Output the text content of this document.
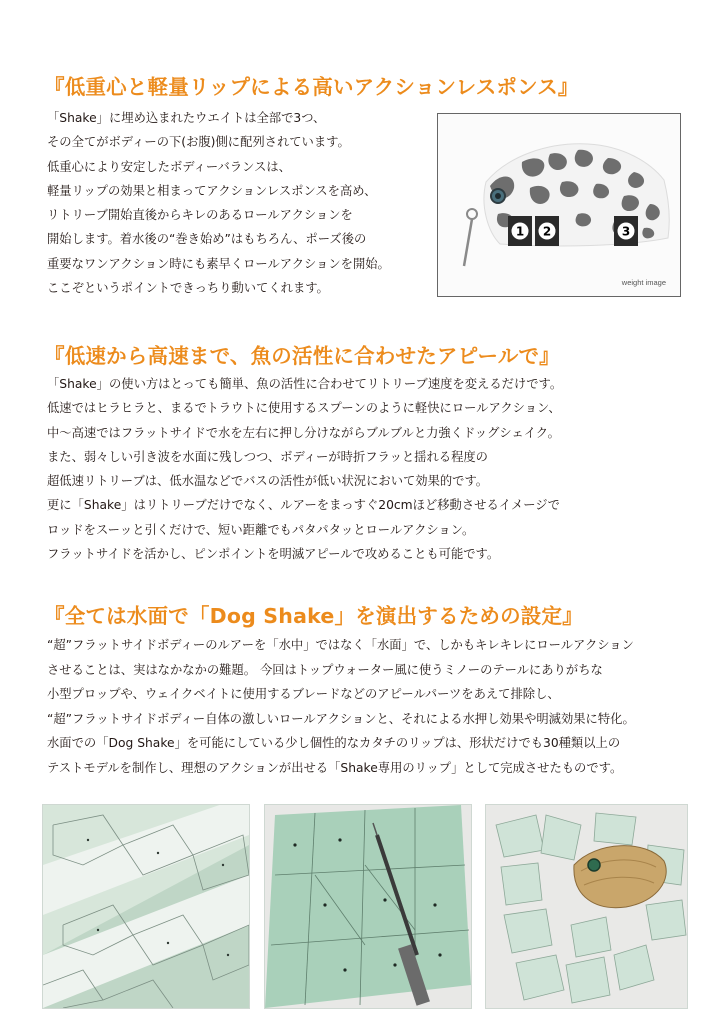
『低重心と軽量リップによる高いアクションレスポンス』
「Shake」に埋め込まれたウエイトは全部で3つ、
その全てがボディーの下(お腹)側に配列されています。
低重心により安定したボディーバランスは、
軽量リップの効果と相まってアクションレスポンスを高め、
リトリーブ開始直後からキレのあるロールアクションを
開始します。着水後の“巻き始め”はもちろん、ポーズ後の
重要なワンアクション時にも素早くロールアクションを開始。
ここぞというポイントできっちり動いてくれます。
1 2	3
weight image
『低速から高速まで、魚の活性に合わせたアピールで』
「Shake」の使い方はとっても簡単、魚の活性に合わせてリトリーブ速度を変えるだけです。
低速ではヒラヒラと、まるでトラウトに使用するスプーンのように軽快にロールアクション、
中～高速ではフラットサイドで水を左右に押し分けながらブルブルと力強くドッグシェイク。
また、弱々しい引き波を水面に残しつつ、ボディーが時折フラッと揺れる程度の
超低速リトリーブは、低水温などでバスの活性が低い状況において効果的です。
更に「Shake」はリトリーブだけでなく、ルアーをまっすぐ20cmほど移動させるイメージで
ロッドをスーッと引くだけで、短い距離でもパタパタッとロールアクション。
フラットサイドを活かし、ピンポイントを明滅アピールで攻めることも可能です。
『全ては水面で「Dog Shake」を演出するための設定』
“超”フラットサイドボディーのルアーを「水中」ではなく「水面」で、しかもキレキレにロールアクション
させることは、実はなかなかの難題。 今回はトップウォーター風に使うミノーのテールにありがちな
小型プロップや、ウェイクベイトに使用するブレードなどのアピールパーツをあえて排除し、
“超”フラットサイドボディー自体の激しいロールアクションと、それによる水押し効果や明滅効果に特化。
水面での「Dog Shake」を可能にしている少し個性的なカタチのリップは、形状だけでも30種類以上の
テストモデルを制作し、理想のアクションが出せる「Shake専用のリップ」として完成させたものです。
